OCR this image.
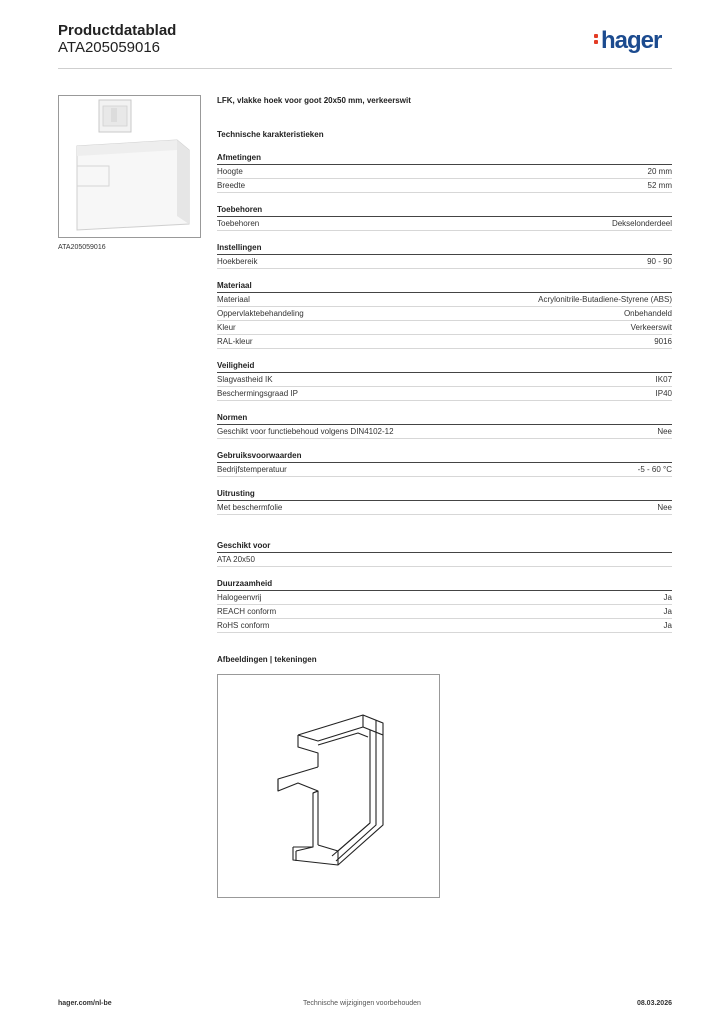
Productdatablad
ATA205059016	hager
ATA205059016
LFK, vlakke hoek voor goot 20x50 mm, verkeerswit
Technische karakteristieken
Afmetingen
Hoogte	20 mm
Breedte	52 mm
Toebehoren
Toebehoren	Dekselonderdeel
Instellingen
Hoekbereik	90 - 90
Materiaal
Materiaal	Acrylonitrile-Butadiene-Styrene (ABS)
Oppervlaktebehandeling	Onbehandeld
Kleur	Verkeerswit
RAL-kleur	9016
Veiligheid
Slagvastheid IK	IK07
Beschermingsgraad IP	IP40
Normen
Geschikt voor functiebehoud volgens DIN4102-12	Nee
Gebruiksvoorwaarden
Bedrijfstemperatuur	-5 - 60 °C
Uitrusting
Met beschermfolie	Nee
Geschikt voor
ATA 20x50
Duurzaamheid
Halogeenvrij	Ja
REACH conform	Ja
RoHS conform	Ja
Afbeeldingen | tekeningen
hager.com/nl-be	Technische wijzigingen voorbehouden	08.03.2026
